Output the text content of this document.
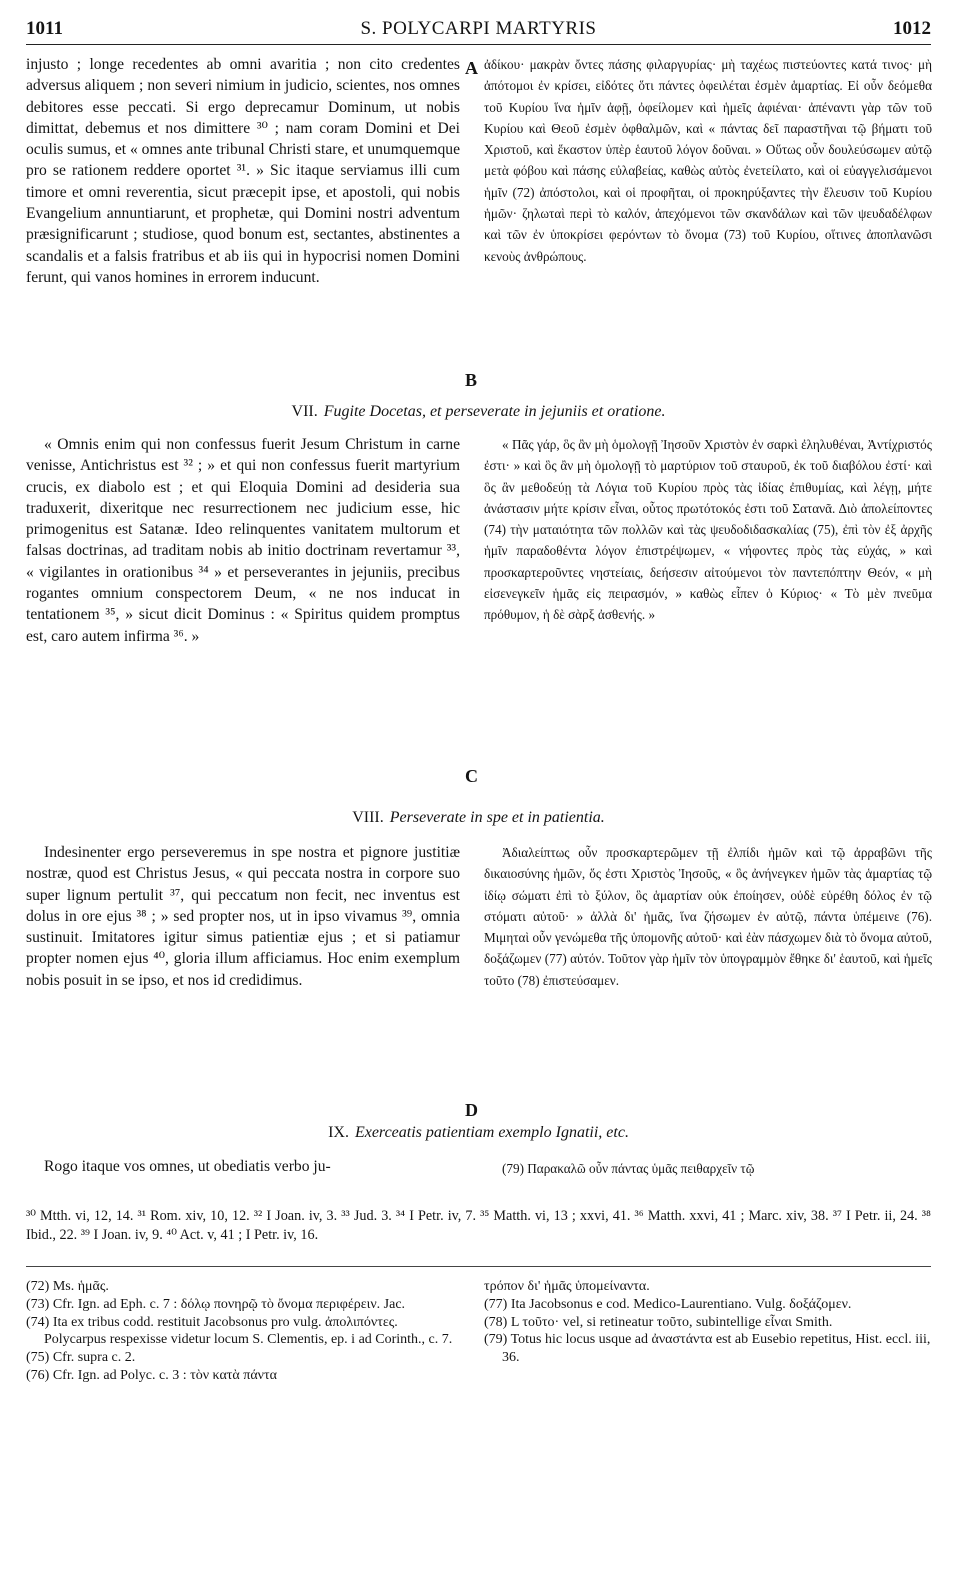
1011	S. POLYCARPI MARTYRIS	1012
injusto ; longe recedentes ab omni avaritia ; non cito credentes adversus aliquem ; non severi nimium in judicio, scientes, nos omnes debitores esse peccati. Si ergo deprecamur Dominum, ut nobis dimittat, debemus et nos dimittere ³⁰ ; nam coram Domini et Dei oculis sumus, et « omnes ante tribunal Christi stare, et unumquemque pro se rationem reddere oportet ³¹. » Sic itaque serviamus illi cum timore et omni reverentia, sicut præcepit ipse, et apostoli, qui nobis Evangelium annuntiarunt, et prophetæ, qui Domini nostri adventum præsignificarunt ; studiose, quod bonum est, sectantes, abstinentes a scandalis et a falsis fratribus et ab iis qui in hypocrisi nomen Domini ferunt, qui vanos homines in errorem inducunt.
ἀδίκου· μακρὰν ὄντες πάσης φιλαργυρίας· μὴ ταχέως πιστεύοντες κατά τινος· μὴ ἀπότομοι ἐν κρίσει, εἰδότες ὅτι πάντες ὀφειλέται ἐσμὲν ἁμαρτίας. Εἰ οὖν δεόμεθα τοῦ Κυρίου ἵνα ἡμῖν ἀφῇ, ὀφείλομεν καὶ ἡμεῖς ἀφιέναι· ἀπέναντι γὰρ τῶν τοῦ Κυρίου καὶ Θεοῦ ἐσμὲν ὀφθαλμῶν, καὶ « πάντας δεῖ παραστῆναι τῷ βήματι τοῦ Χριστοῦ, καὶ ἕκαστον ὑπὲρ ἑαυτοῦ λόγον δοῦναι. » Οὕτως οὖν δουλεύσωμεν αὐτῷ μετὰ φόβου καὶ πάσης εὐλαβείας, καθὼς αὐτὸς ἐνετείλατο, καὶ οἱ εὐαγγελισάμενοι ἡμῖν (72) ἀπόστολοι, καὶ οἱ προφῆται, οἱ προκηρύξαντες τὴν ἔλευσιν τοῦ Κυρίου ἡμῶν· ζηλωταὶ περὶ τὸ καλόν, ἀπεχόμενοι τῶν σκανδάλων καὶ τῶν ψευδαδέλφων καὶ τῶν ἐν ὑποκρίσει φερόντων τὸ ὄνομα (73) τοῦ Κυρίου, οἵτινες ἀποπλανῶσι κενοὺς ἀνθρώπους.
A
B
VII. Fugite Docetas, et perseverate in jejuniis et oratione.
« Omnis enim qui non confessus fuerit Jesum Christum in carne venisse, Antichristus est ³² ; » et qui non confessus fuerit martyrium crucis, ex diabolo est ; et qui Eloquia Domini ad desideria sua traduxerit, dixeritque nec resurrectionem nec judicium esse, hic primogenitus est Satanæ. Ideo relinquentes vanitatem multorum et falsas doctrinas, ad traditam nobis ab initio doctrinam revertamur ³³, « vigilantes in orationibus ³⁴ » et perseverantes in jejuniis, precibus rogantes omnium conspectorem Deum, « ne nos inducat in tentationem ³⁵, » sicut dicit Dominus : « Spiritus quidem promptus est, caro autem infirma ³⁶. »
« Πᾶς γάρ, ὃς ἂν μὴ ὁμολογῇ Ἰησοῦν Χριστὸν ἐν σαρκὶ ἐληλυθέναι, Ἀντίχριστός ἐστι· » καὶ ὃς ἂν μὴ ὁμολογῇ τὸ μαρτύριον τοῦ σταυροῦ, ἐκ τοῦ διαβόλου ἐστί· καὶ ὃς ἂν μεθοδεύῃ τὰ Λόγια τοῦ Κυρίου πρὸς τὰς ἰδίας ἐπιθυμίας, καὶ λέγῃ, μήτε ἀνάστασιν μήτε κρίσιν εἶναι, οὗτος πρωτότοκός ἐστι τοῦ Σατανᾶ. Διὸ ἀπολείποντες (74) τὴν ματαιότητα τῶν πολλῶν καὶ τὰς ψευδοδιδασκαλίας (75), ἐπὶ τὸν ἐξ ἀρχῆς ἡμῖν παραδοθέντα λόγον ἐπιστρέψωμεν, « νήφοντες πρὸς τὰς εὐχάς, » καὶ προσκαρτεροῦντες νηστείαις, δεήσεσιν αἰτούμενοι τὸν παντεπόπτην Θεόν, « μὴ εἰσενεγκεῖν ἡμᾶς εἰς πειρασμόν, » καθὼς εἶπεν ὁ Κύριος· « Τὸ μὲν πνεῦμα πρόθυμον, ἡ δὲ σὰρξ ἀσθενής. »
C
VIII. Perseverate in spe et in patientia.
Indesinenter ergo perseveremus in spe nostra et pignore justitiæ nostræ, quod est Christus Jesus, « qui peccata nostra in corpore suo super lignum pertulit ³⁷, qui peccatum non fecit, nec inventus est dolus in ore ejus ³⁸ ; » sed propter nos, ut in ipso vivamus ³⁹, omnia sustinuit. Imitatores igitur simus patientiæ ejus ; et si patiamur propter nomen ejus ⁴⁰, gloria illum afficiamus. Hoc enim exemplum nobis posuit in se ipso, et nos id credidimus.
Ἀδιαλείπτως οὖν προσκαρτερῶμεν τῇ ἐλπίδι ἡμῶν καὶ τῷ ἀρραβῶνι τῆς δικαιοσύνης ἡμῶν, ὅς ἐστι Χριστὸς Ἰησοῦς, « ὃς ἀνήνεγκεν ἡμῶν τὰς ἁμαρτίας τῷ ἰδίῳ σώματι ἐπὶ τὸ ξύλον, ὃς ἁμαρτίαν οὐκ ἐποίησεν, οὐδὲ εὑρέθη δόλος ἐν τῷ στόματι αὐτοῦ· » ἀλλὰ δι' ἡμᾶς, ἵνα ζήσωμεν ἐν αὐτῷ, πάντα ὑπέμεινε (76). Μιμηταὶ οὖν γενώμεθα τῆς ὑπομονῆς αὐτοῦ· καὶ ἐὰν πάσχωμεν διὰ τὸ ὄνομα αὐτοῦ, δοξάζωμεν (77) αὐτόν. Τοῦτον γὰρ ἡμῖν τὸν ὑπογραμμὸν ἔθηκε δι' ἑαυτοῦ, καὶ ἡμεῖς τοῦτο (78) ἐπιστεύσαμεν.
D
IX. Exerceatis patientiam exemplo Ignatii, etc.
Rogo itaque vos omnes, ut obediatis verbo ju-	(79) Παρακαλῶ οὖν πάντας ὑμᾶς πειθαρχεῖν τῷ
³⁰ Mtth. vi, 12, 14. ³¹ Rom. xiv, 10, 12. ³² I Joan. iv, 3. ³³ Jud. 3. ³⁴ I Petr. iv, 7. ³⁵ Matth. vi, 13 ; xxvi, 41. ³⁶ Matth. xxvi, 41 ; Marc. xiv, 38. ³⁷ I Petr. ii, 24. ³⁸ Ibid., 22. ³⁹ I Joan. iv, 9. ⁴⁰ Act. v, 41 ; I Petr. iv, 16.

(72) Ms. ἡμᾶς.

(73) Cfr. Ign. ad Eph. c. 7 : δόλῳ πονηρῷ τὸ ὄνομα περιφέρειν. Jac.

(74) Ita ex tribus codd. restituit Jacobsonus pro vulg. ἀπολιπόντες. Polycarpus respexisse videtur locum S. Clementis, ep. i ad Corinth., c. 7.

(75) Cfr. supra c. 2.

(76) Cfr. Ign. ad Polyc. c. 3 : τὸν κατὰ πάντα

τρόπον δι' ἡμᾶς ὑπομείναντα.

(77) Ita Jacobsonus e cod. Medico-Laurentiano. Vulg. δοξάζομεν.

(78) L τοῦτο· vel, si retineatur τοῦτο, subintellige εἶναι Smith.

(79) Totus hic locus usque ad ἀναστάντα est ab Eusebio repetitus, Hist. eccl. iii, 36.
